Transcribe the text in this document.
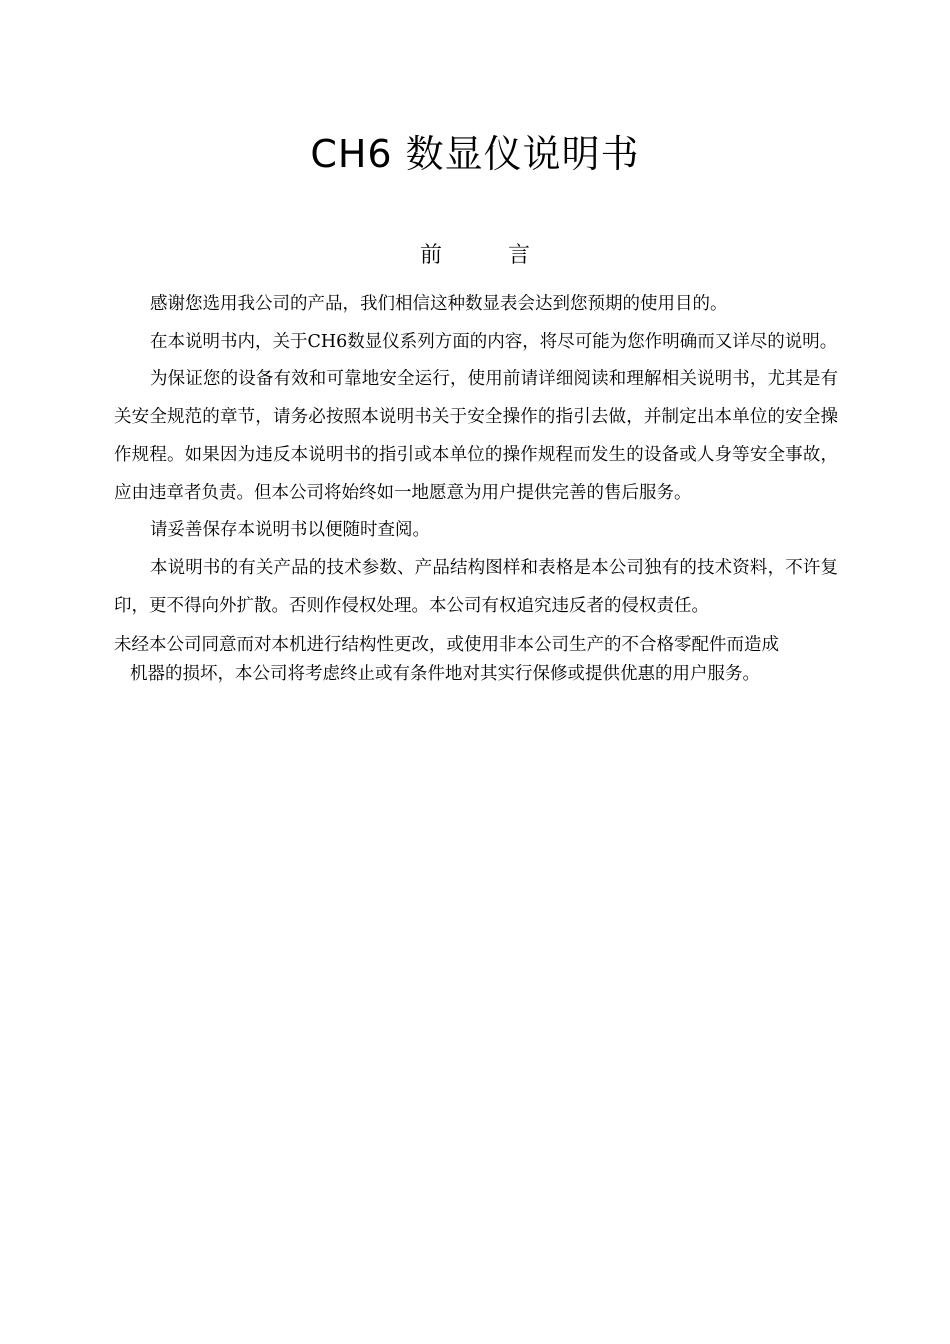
CH6 数显仪说明书
前	言

感谢您选用我公司的产品，我们相信这种数显表会达到您预期的使用目的。

在本说明书内，关于CH6数显仪系列方面的内容，将尽可能为您作明确而又详尽的说明。

为保证您的设备有效和可靠地安全运行，使用前请详细阅读和理解相关说明书，尤其是有关安全规范的章节，请务必按照本说明书关于安全操作的指引去做，并制定出本单位的安全操作规程。如果因为违反本说明书的指引或本单位的操作规程而发生的设备或人身等安全事故，应由违章者负责。但本公司将始终如一地愿意为用户提供完善的售后服务。

请妥善保存本说明书以便随时查阅。

本说明书的有关产品的技术参数、产品结构图样和表格是本公司独有的技术资料，不许复印，更不得向外扩散。否则作侵权处理。本公司有权追究违反者的侵权责任。

未经本公司同意而对本机进行结构性更改，或使用非本公司生产的不合格零配件而造成
机器的损坏，本公司将考虑终止或有条件地对其实行保修或提供优惠的用户服务。
